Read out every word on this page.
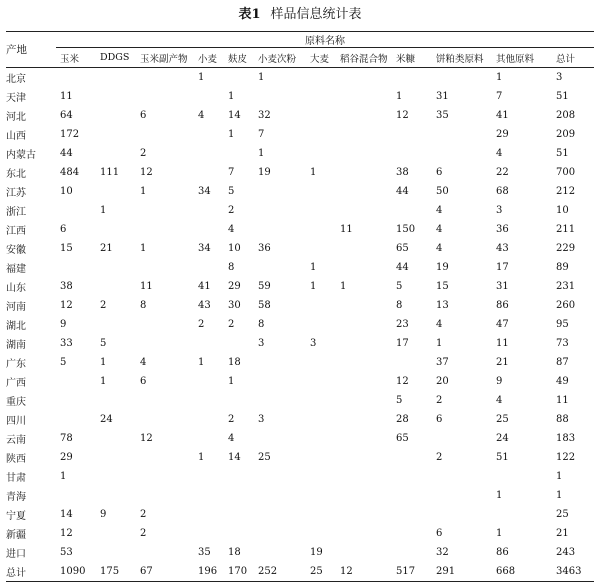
表1 样品信息统计表
产地	原料名称											
	玉米	DDGS	玉米副产物	小麦	麸皮	小麦次粉	大麦	稻谷混合物	米糠	饼粕类原料	其他原料	总计
北京				1		1					1	3
天津	11				1				1	31	7	51
河北	64		6	4	14	32			12	35	41	208
山西	172				1	7					29	209
内蒙古	44		2			1					4	51
东北	484	111	12		7	19	1		38	6	22	700
江苏	10		1	34	5				44	50	68	212
浙江		1			2					4	3	10
江西	6				4			11	150	4	36	211
安徽	15	21	1	34	10	36			65	4	43	229
福建					8		1		44	19	17	89
山东	38		11	41	29	59	1	1	5	15	31	231
河南	12	2	8	43	30	58			8	13	86	260
湖北	9			2	2	8			23	4	47	95
湖南	33	5				3	3		17	1	11	73
广东	5	1	4	1	18					37	21	87
广西		1	6		1				12	20	9	49
重庆									5	2	4	11
四川		24			2	3			28	6	25	88
云南	78		12		4				65		24	183
陕西	29			1	14	25				2	51	122
甘肃	1											1
青海											1	1
宁夏	14	9	2									25
新疆	12		2							6	1	21
进口	53			35	18		19			32	86	243
总计	1090	175	67	196	170	252	25	12	517	291	668	3463
